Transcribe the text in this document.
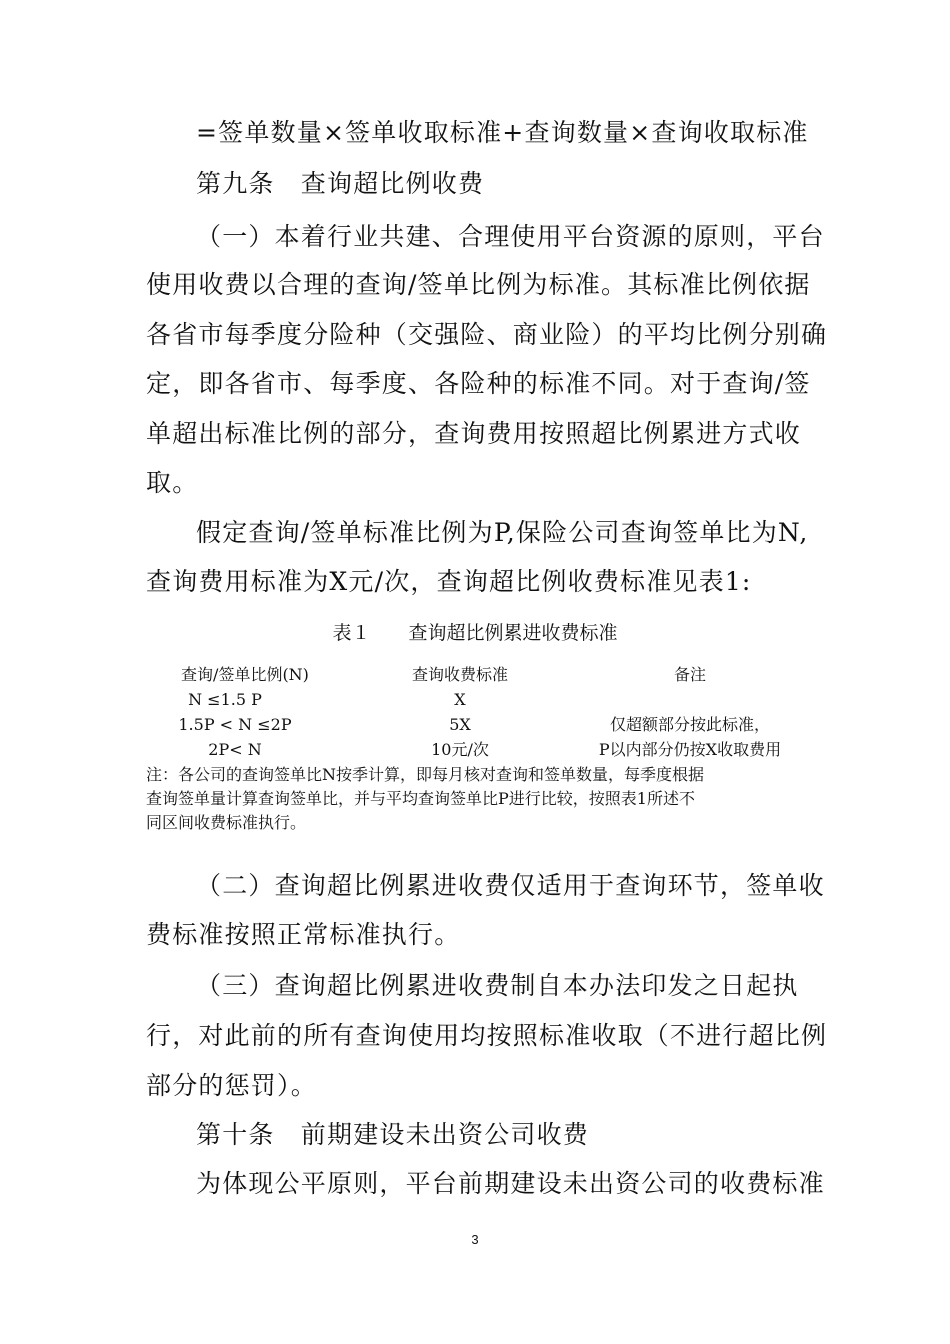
=签单数量×签单收取标准+查询数量×查询收取标准
第九条　查询超比例收费
（一）本着行业共建、合理使用平台资源的原则，平台
使用收费以合理的查询/签单比例为标准。其标准比例依据
各省市每季度分险种（交强险、商业险）的平均比例分别确
定，即各省市、每季度、各险种的标准不同。对于查询/签
单超出标准比例的部分，查询费用按照超比例累进方式收
取。
假定查询/签单标准比例为P,保险公司查询签单比为N,
查询费用标准为X元/次，查询超比例收费标准见表1:
表１　　查询超比例累进收费标准
查询/签单比例(N)	查询收费标准	备注
N ≤1.5 P	X
1.5P < N ≤2P	5X	仅超额部分按此标准，
2P< N	10元/次	P以内部分仍按X收取费用
注：各公司的查询签单比N按季计算，即每月核对查询和签单数量，每季度根据
查询签单量计算查询签单比，并与平均查询签单比P进行比较，按照表1所述不
同区间收费标准执行。
（二）查询超比例累进收费仅适用于查询环节，签单收
费标准按照正常标准执行。
（三）查询超比例累进收费制自本办法印发之日起执
行，对此前的所有查询使用均按照标准收取（不进行超比例
部分的惩罚）。
第十条　前期建设未出资公司收费
为体现公平原则，平台前期建设未出资公司的收费标准
3
